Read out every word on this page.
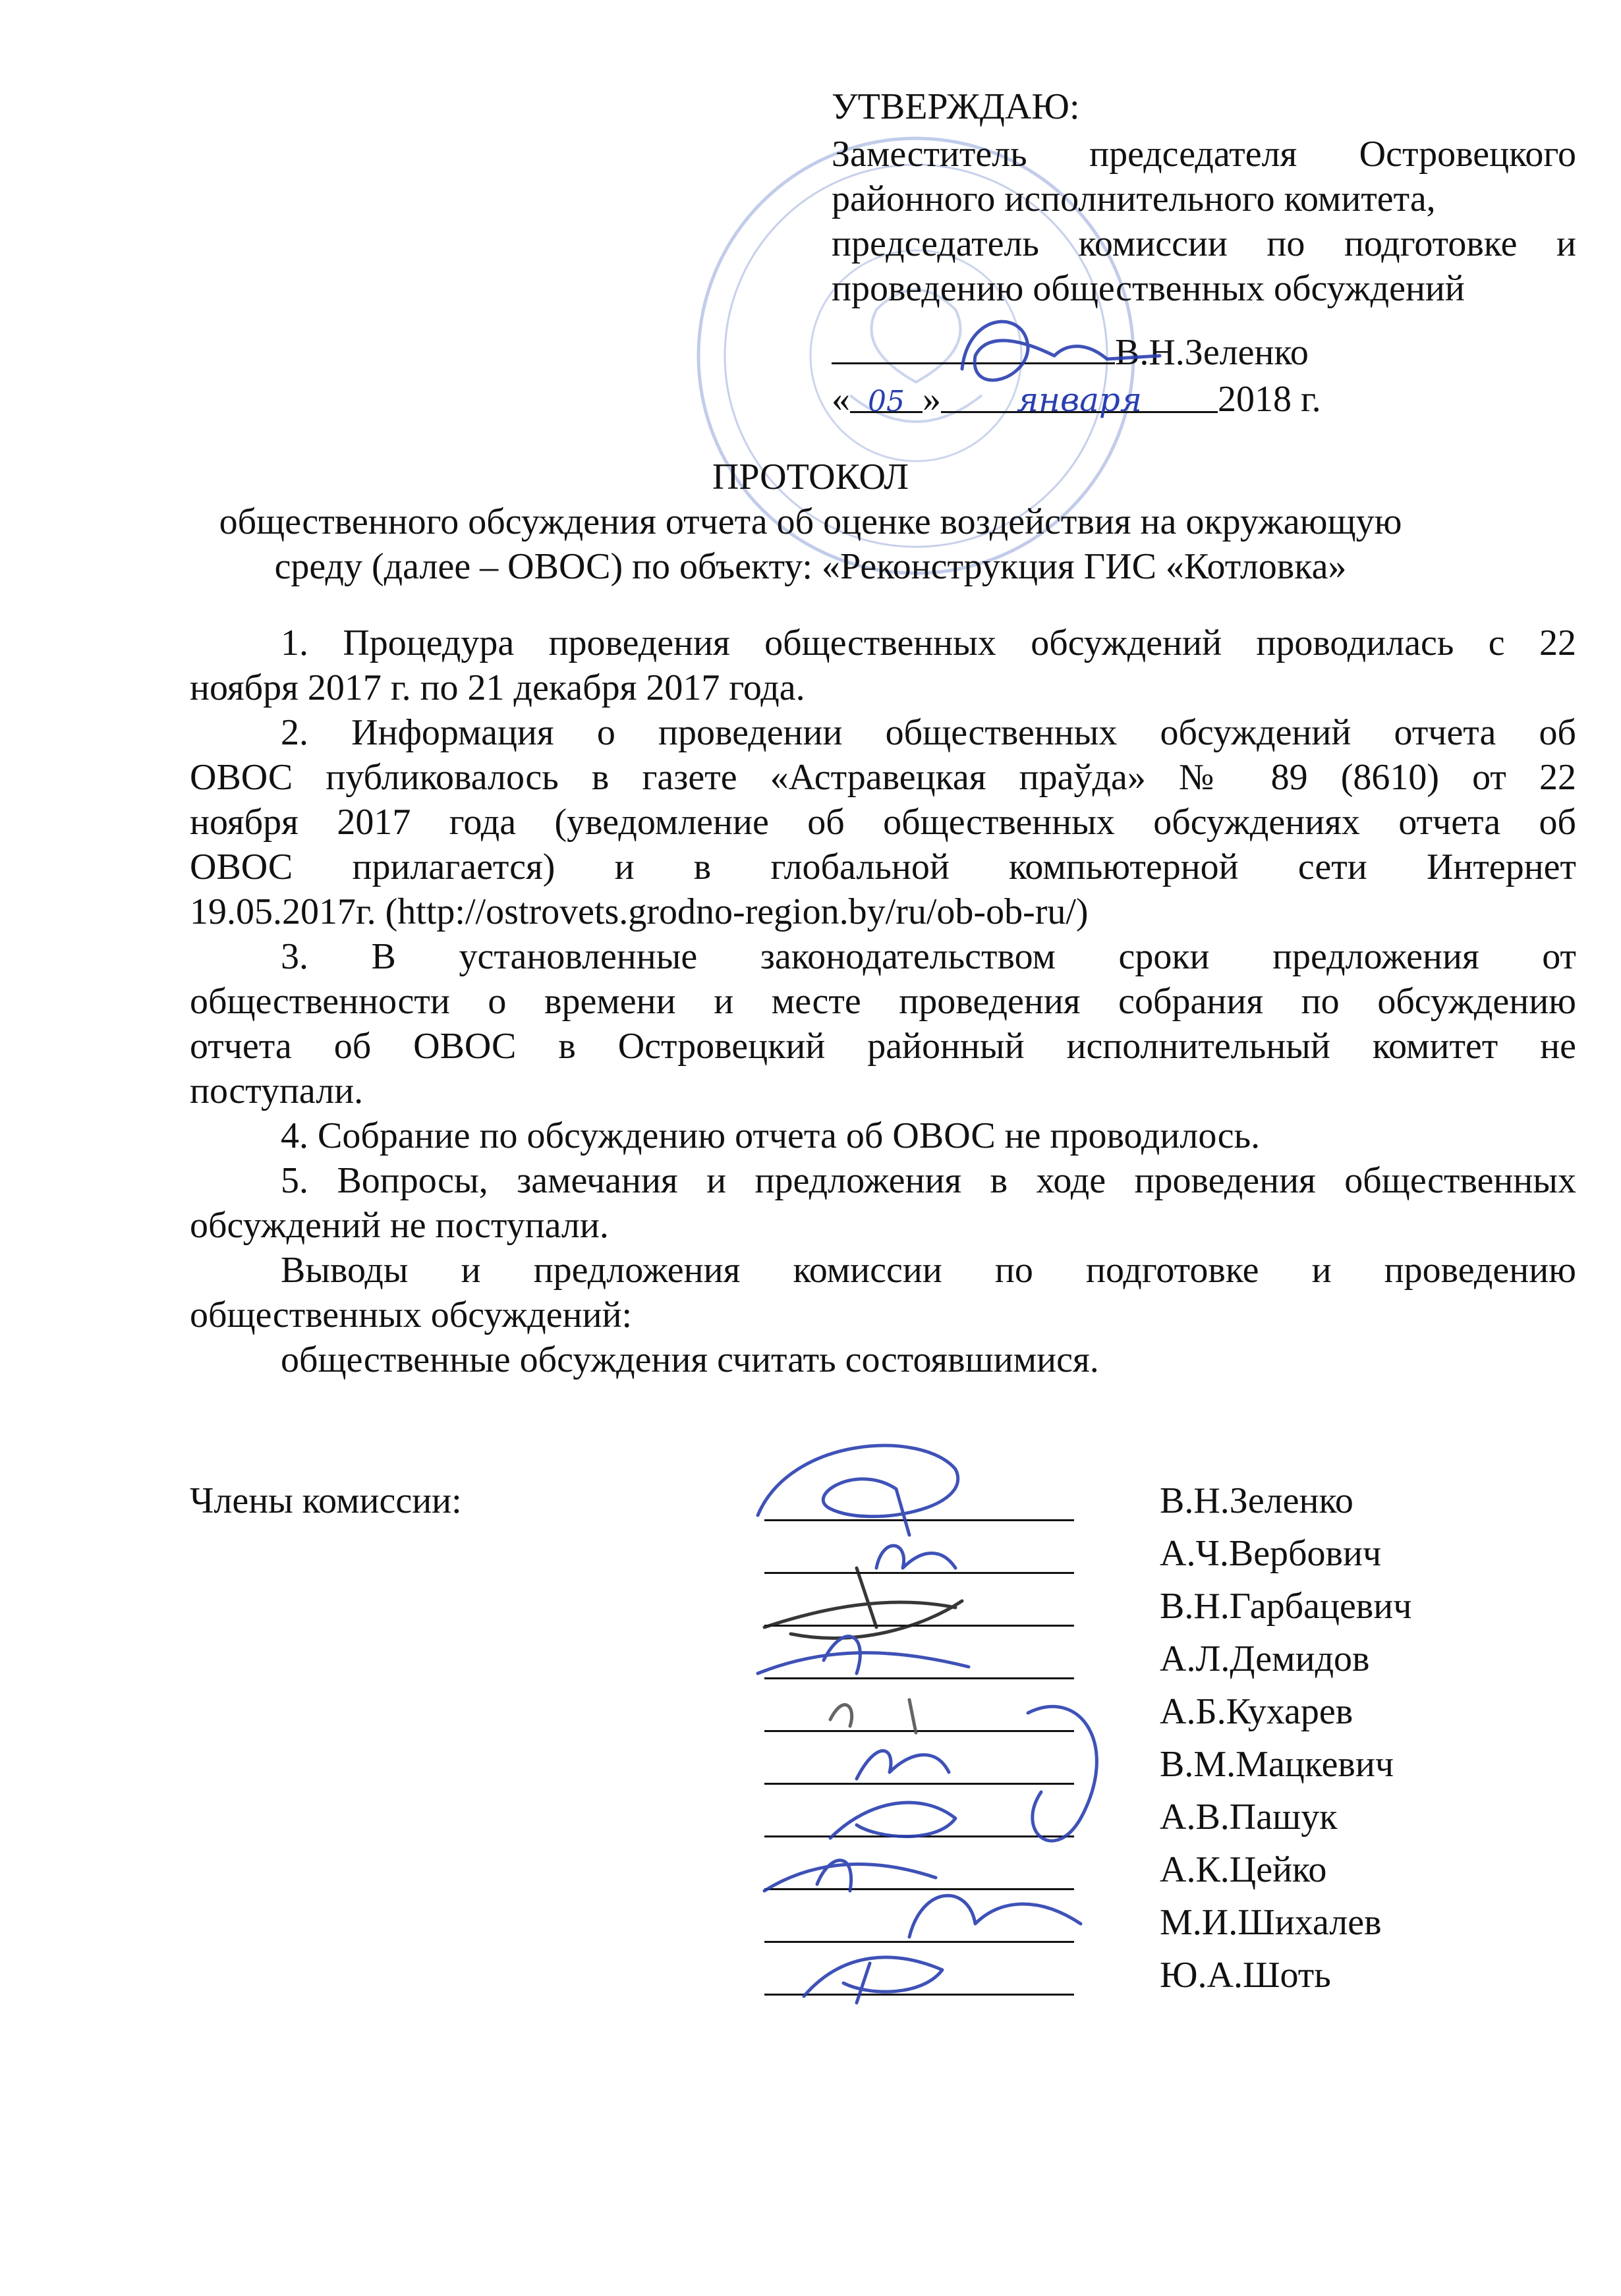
УТВЕРЖДАЮ:
Заместитель председателя Островецкого
районного исполнительного комитета,
председатель комиссии по подготовке и
проведению общественных обсуждений
В.Н.Зеленко
« 05 » января 2018 г.
ПРОТОКОЛ
общественного обсуждения отчета об оценке воздействия на окружающую
среду (далее – ОВОС) по объекту: «Реконструкция ГИС «Котловка»
1. Процедура проведения общественных обсуждений проводилась с 22
ноября 2017 г. по 21 декабря 2017 года.
2. Информация о проведении общественных обсуждений отчета об
ОВОС публиковалось в газете «Астравецкая праўда» № 89 (8610) от 22
ноября 2017 года (уведомление об общественных обсуждениях отчета об
ОВОС прилагается) и в глобальной компьютерной сети Интернет
19.05.2017г. (http://ostrovets.grodno-region.by/ru/ob-ob-ru/)
3. В установленные законодательством сроки предложения от
общественности о времени и месте проведения собрания по обсуждению
отчета об ОВОС в Островецкий районный исполнительный комитет не
поступали.
4. Собрание по обсуждению отчета об ОВОС не проводилось.
5. Вопросы, замечания и предложения в ходе проведения общественных
обсуждений не поступали.
Выводы и предложения комиссии по подготовке и проведению
общественных обсуждений:
общественные обсуждения считать состоявшимися.
Члены комиссии:	В.Н.Зеленко
А.Ч.Вербович
В.Н.Гарбацевич
А.Л.Демидов
А.Б.Кухарев
В.М.Мацкевич
А.В.Пашук
А.К.Цейко
М.И.Шихалев
Ю.А.Шоть
